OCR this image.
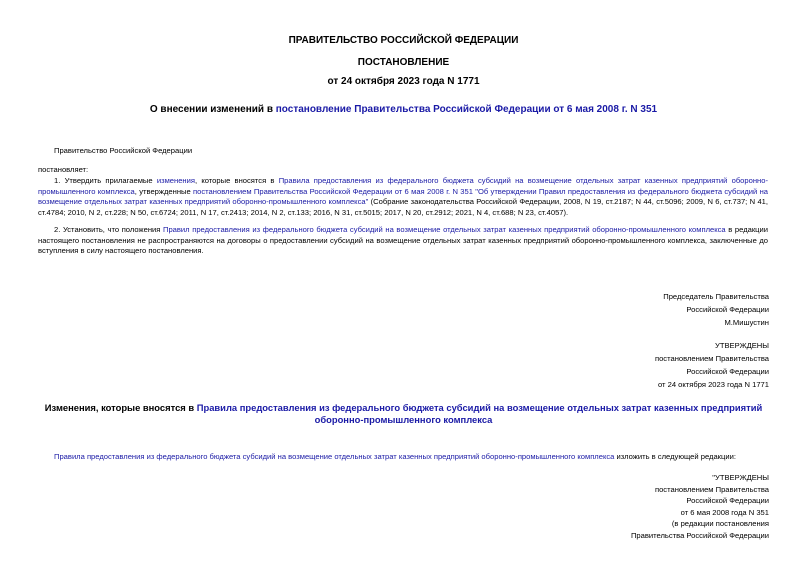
ПРАВИТЕЛЬСТВО РОССИЙСКОЙ ФЕДЕРАЦИИ
ПОСТАНОВЛЕНИЕ
от 24 октября 2023 года N 1771
О внесении изменений в постановление Правительства Российской Федерации от 6 мая 2008 г. N 351
Правительство Российской Федерации
постановляет:
1. Утвердить прилагаемые изменения, которые вносятся в Правила предоставления из федерального бюджета субсидий на возмещение отдельных затрат казенных предприятий оборонно-промышленного комплекса, утвержденные постановлением Правительства Российской Федерации от 6 мая 2008 г. N 351 "Об утверждении Правил предоставления из федерального бюджета субсидий на возмещение отдельных затрат казенных предприятий оборонно-промышленного комплекса" (Собрание законодательства Российской Федерации, 2008, N 19, ст.2187; N 44, ст.5096; 2009, N 6, ст.737; N 41, ст.4784; 2010, N 2, ст.228; N 50, ст.6724; 2011, N 17, ст.2413; 2014, N 2, ст.133; 2016, N 31, ст.5015; 2017, N 20, ст.2912; 2021, N 4, ст.688; N 23, ст.4057).
2. Установить, что положения Правил предоставления из федерального бюджета субсидий на возмещение отдельных затрат казенных предприятий оборонно-промышленного комплекса в редакции настоящего постановления не распространяются на договоры о предоставлении субсидий на возмещение отдельных затрат казенных предприятий оборонно-промышленного комплекса, заключенные до вступления в силу настоящего постановления.
Председатель Правительства
Российской Федерации
М.Мишустин
УТВЕРЖДЕНЫ
постановлением Правительства
Российской Федерации
от 24 октября 2023 года N 1771
Изменения, которые вносятся в Правила предоставления из федерального бюджета субсидий на возмещение отдельных затрат казенных предприятий оборонно-промышленного комплекса
Правила предоставления из федерального бюджета субсидий на возмещение отдельных затрат казенных предприятий оборонно-промышленного комплекса изложить в следующей редакции:
"УТВЕРЖДЕНЫ
постановлением Правительства
Российской Федерации
от 6 мая 2008 года N 351
(в редакции постановления
Правительства Российской Федерации
